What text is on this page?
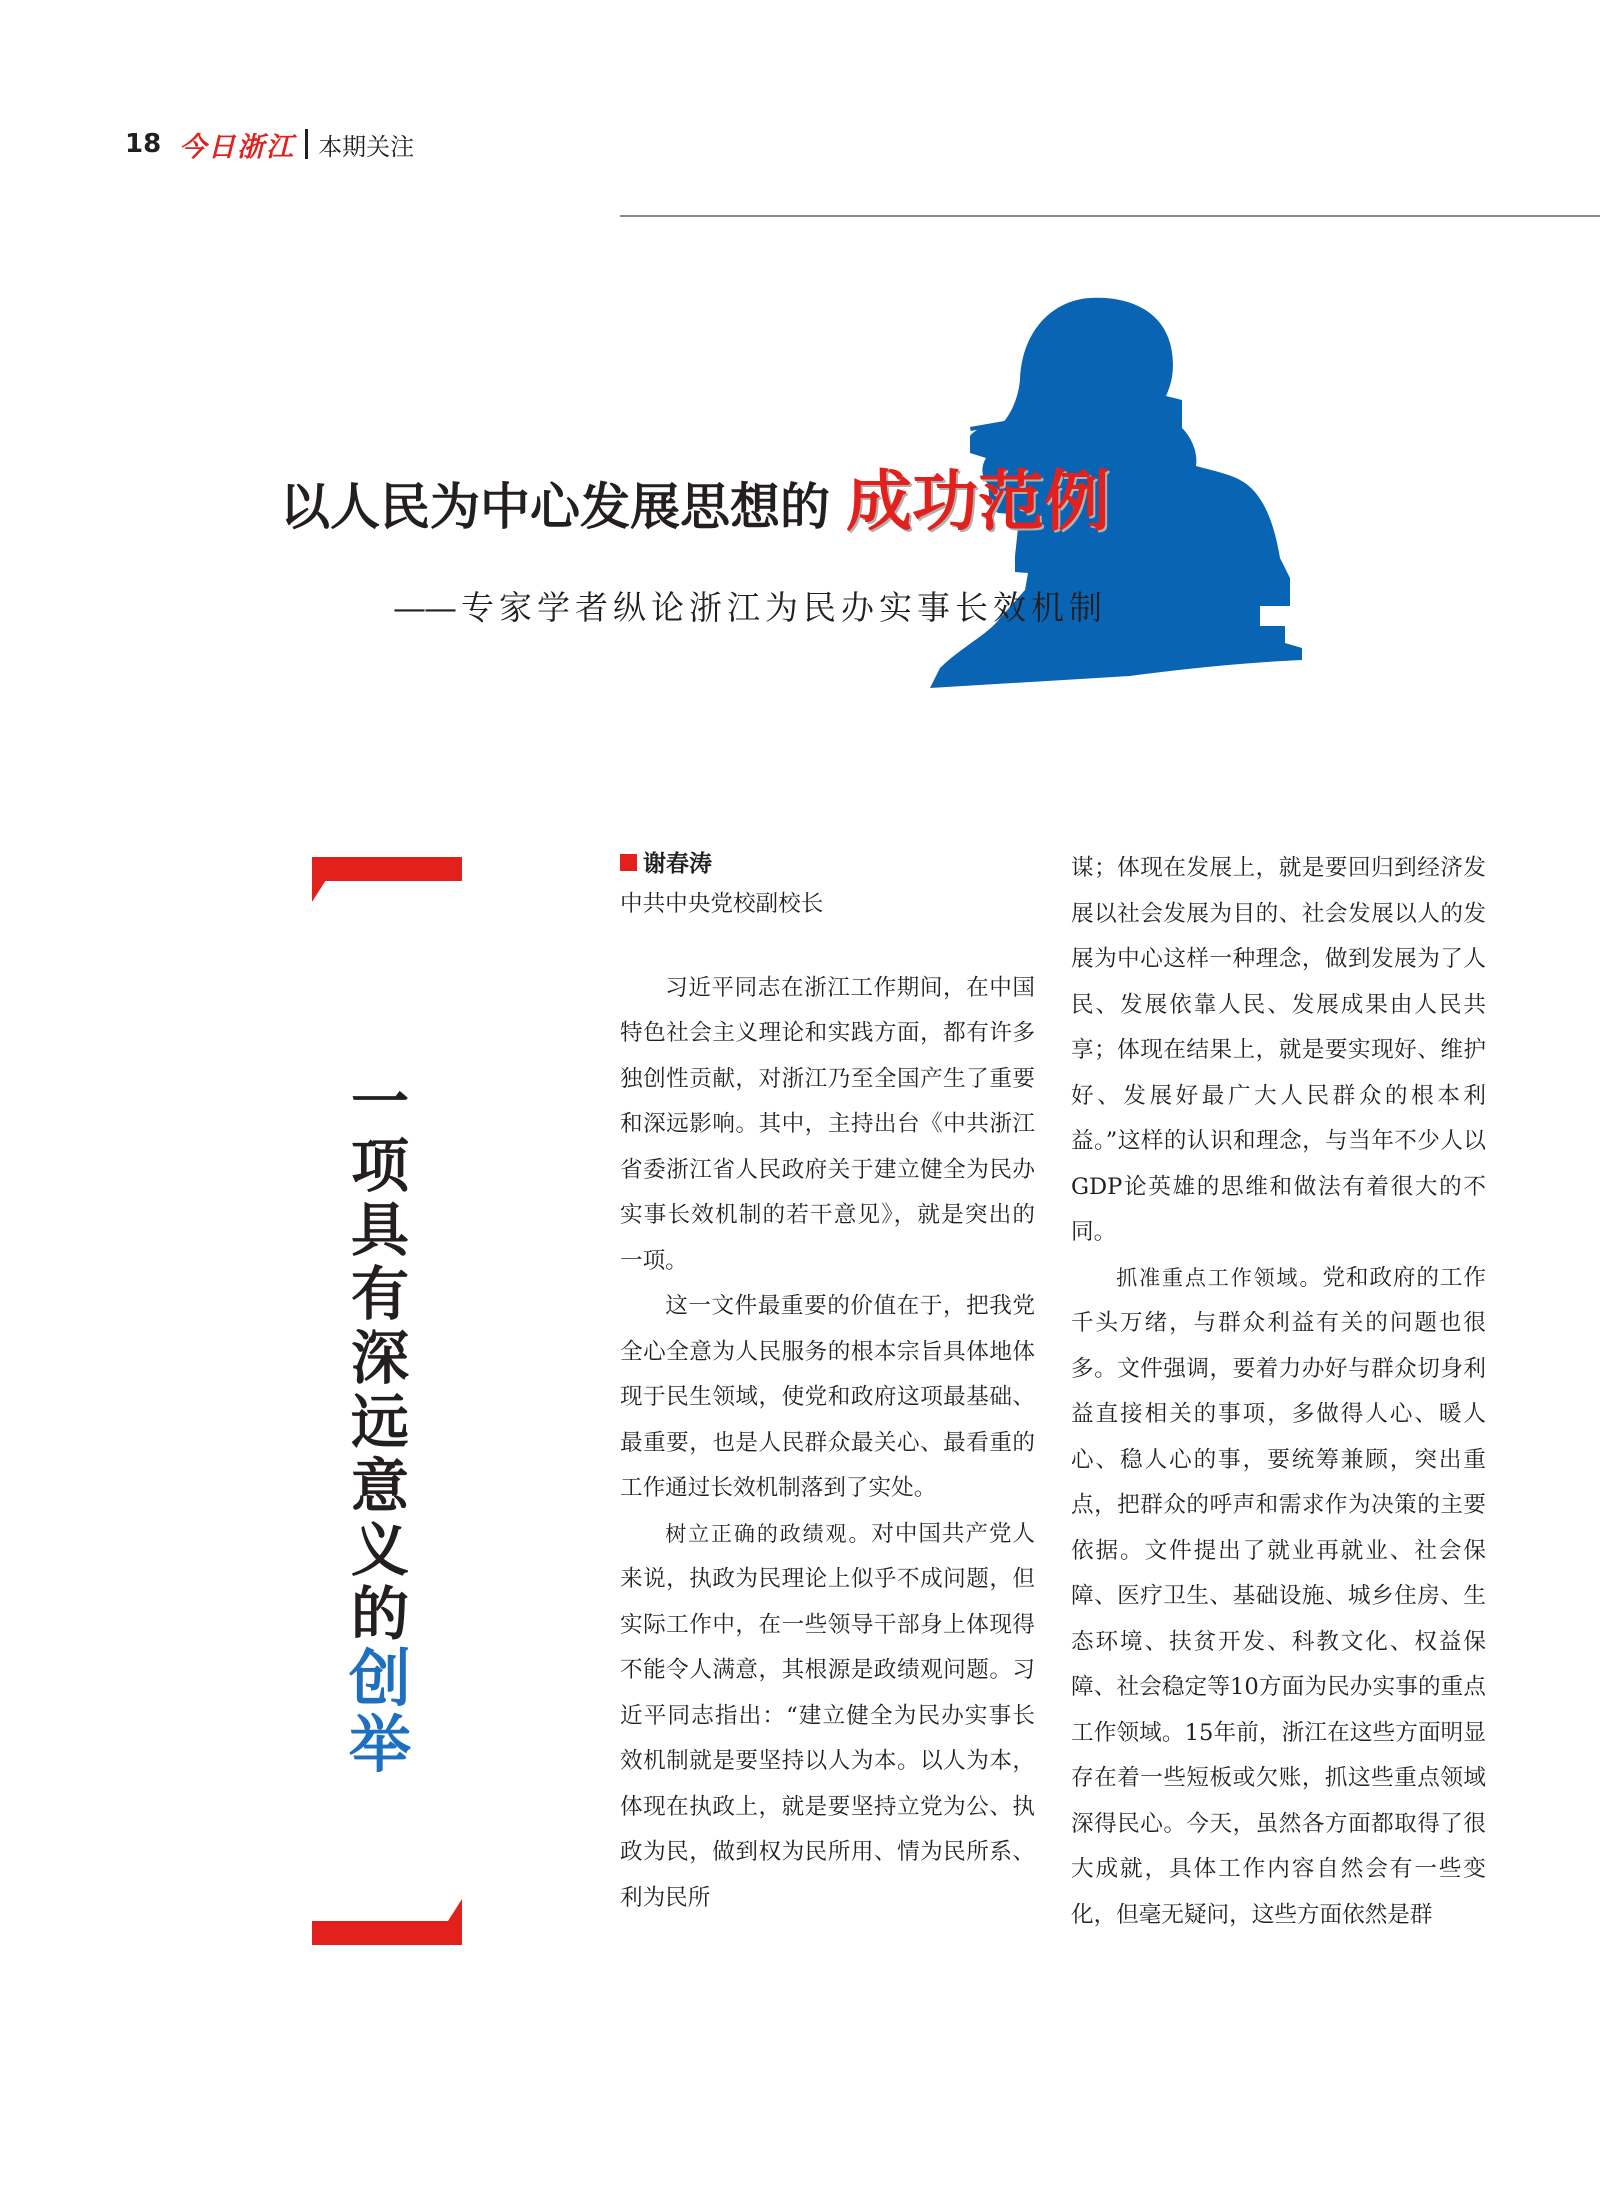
18 今日浙江 本期关注
以人民为中心发展思想的 成功范例
—— 专家学者纵论浙江为民办实事长效机制
一
项
具
有
深
远
意
义
的
创
举

谢春涛

中共中央党校副校长

习近平同志在浙江工作期间，在中国特色社会主义理论和实践方面，都有许多独创性贡献，对浙江乃至全国产生了重要和深远影响。其中，主持出台《中共浙江省委浙江省人民政府关于建立健全为民办实事长效机制的若干意见》，就是突出的一项。

这一文件最重要的价值在于，把我党全心全意为人民服务的根本宗旨具体地体现于民生领域，使党和政府这项最基础、最重要，也是人民群众最关心、最看重的工作通过长效机制落到了实处。

树立正确的政绩观。对中国共产党人来说，执政为民理论上似乎不成问题，但实际工作中，在一些领导干部身上体现得不能令人满意，其根源是政绩观问题。习近平同志指出：“建立健全为民办实事长效机制就是要坚持以人为本。以人为本，体现在执政上，就是要坚持立党为公、执政为民，做到权为民所用、情为民所系、利为民所

谋；体现在发展上，就是要回归到经济发展以社会发展为目的、社会发展以人的发展为中心这样一种理念，做到发展为了人民、发展依靠人民、发展成果由人民共享；体现在结果上，就是要实现好、维护好、发展好最广大人民群众的根本利益。”这样的认识和理念，与当年不少人以GDP论英雄的思维和做法有着很大的不同。

抓准重点工作领域。党和政府的工作千头万绪，与群众利益有关的问题也很多。文件强调，要着力办好与群众切身利益直接相关的事项，多做得人心、暖人心、稳人心的事，要统筹兼顾，突出重点，把群众的呼声和需求作为决策的主要依据。文件提出了就业再就业、社会保障、医疗卫生、基础设施、城乡住房、生态环境、扶贫开发、科教文化、权益保障、社会稳定等10方面为民办实事的重点工作领域。15年前，浙江在这些方面明显存在着一些短板或欠账，抓这些重点领域深得民心。今天，虽然各方面都取得了很大成就，具体工作内容自然会有一些变化，但毫无疑问，这些方面依然是群
